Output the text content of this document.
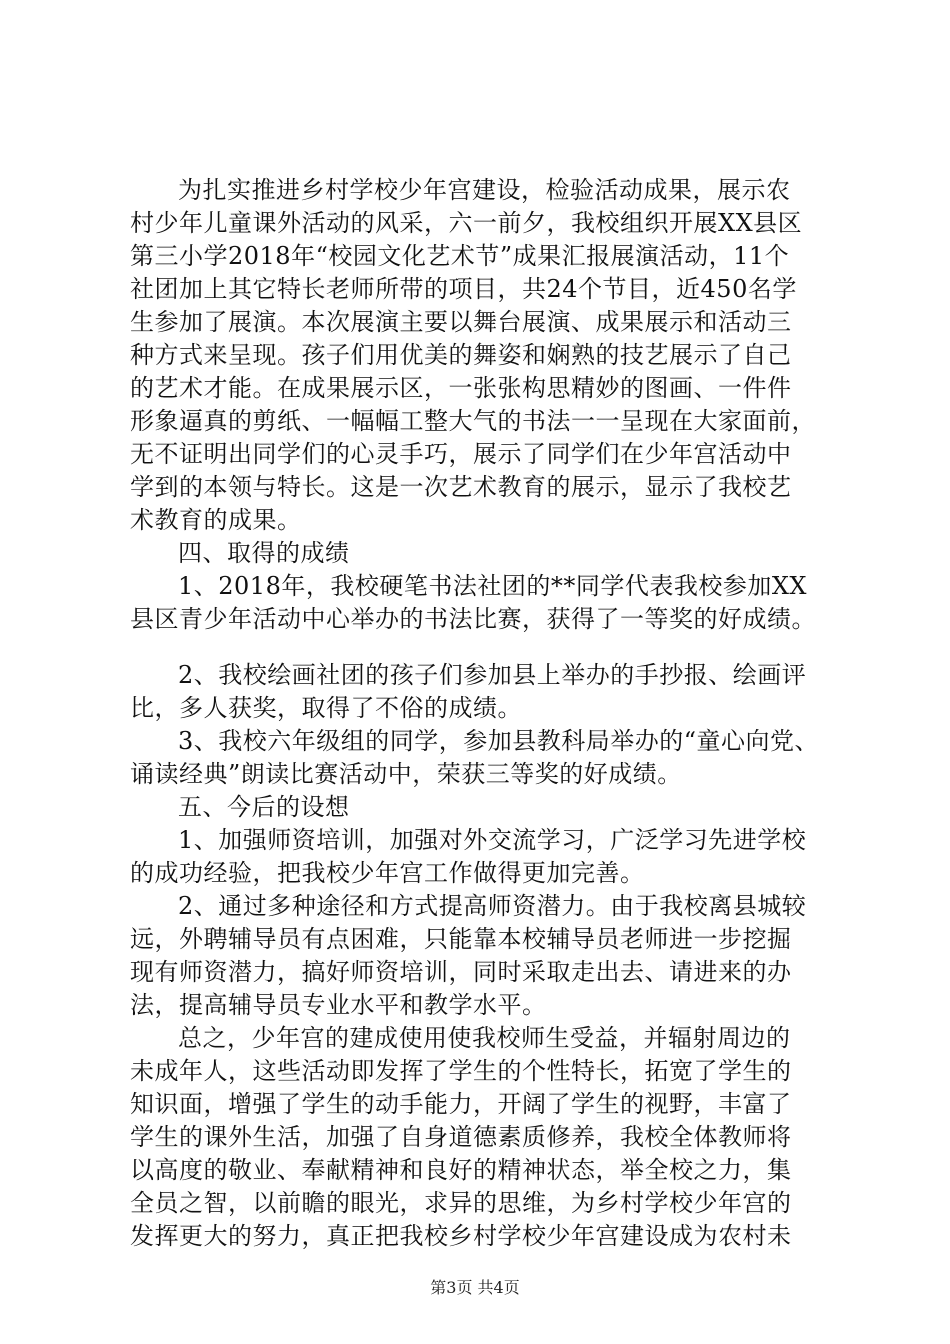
为扎实推进乡村学校少年宫建设，检验活动成果，展示农
村少年儿童课外活动的风采，六一前夕，我校组织开展XX县区
第三小学2018年“校园文化艺术节”成果汇报展演活动，11个
社团加上其它特长老师所带的项目，共24个节目，近450名学
生参加了展演。本次展演主要以舞台展演、成果展示和活动三
种方式来呈现。孩子们用优美的舞姿和娴熟的技艺展示了自己
的艺术才能。在成果展示区，一张张构思精妙的图画、一件件
形象逼真的剪纸、一幅幅工整大气的书法一一呈现在大家面前，
无不证明出同学们的心灵手巧，展示了同学们在少年宫活动中
学到的本领与特长。这是一次艺术教育的展示，显示了我校艺
术教育的成果。
四、取得的成绩
1、2018年，我校硬笔书法社团的**同学代表我校参加XX
县区青少年活动中心举办的书法比赛，获得了一等奖的好成绩。
2、我校绘画社团的孩子们参加县上举办的手抄报、绘画评
比，多人获奖，取得了不俗的成绩。
3、我校六年级组的同学，参加县教科局举办的“童心向党、
诵读经典”朗读比赛活动中，荣获三等奖的好成绩。
五、今后的设想
1、加强师资培训，加强对外交流学习，广泛学习先进学校
的成功经验，把我校少年宫工作做得更加完善。
2、通过多种途径和方式提高师资潜力。由于我校离县城较
远，外聘辅导员有点困难，只能靠本校辅导员老师进一步挖掘
现有师资潜力，搞好师资培训，同时采取走出去、请进来的办
法，提高辅导员专业水平和教学水平。
总之，少年宫的建成使用使我校师生受益，并辐射周边的
未成年人，这些活动即发挥了学生的个性特长，拓宽了学生的
知识面，增强了学生的动手能力，开阔了学生的视野，丰富了
学生的课外生活，加强了自身道德素质修养，我校全体教师将
以高度的敬业、奉献精神和良好的精神状态，举全校之力，集
全员之智，以前瞻的眼光，求异的思维，为乡村学校少年宫的
发挥更大的努力，真正把我校乡村学校少年宫建设成为农村未
第3页 共4页
